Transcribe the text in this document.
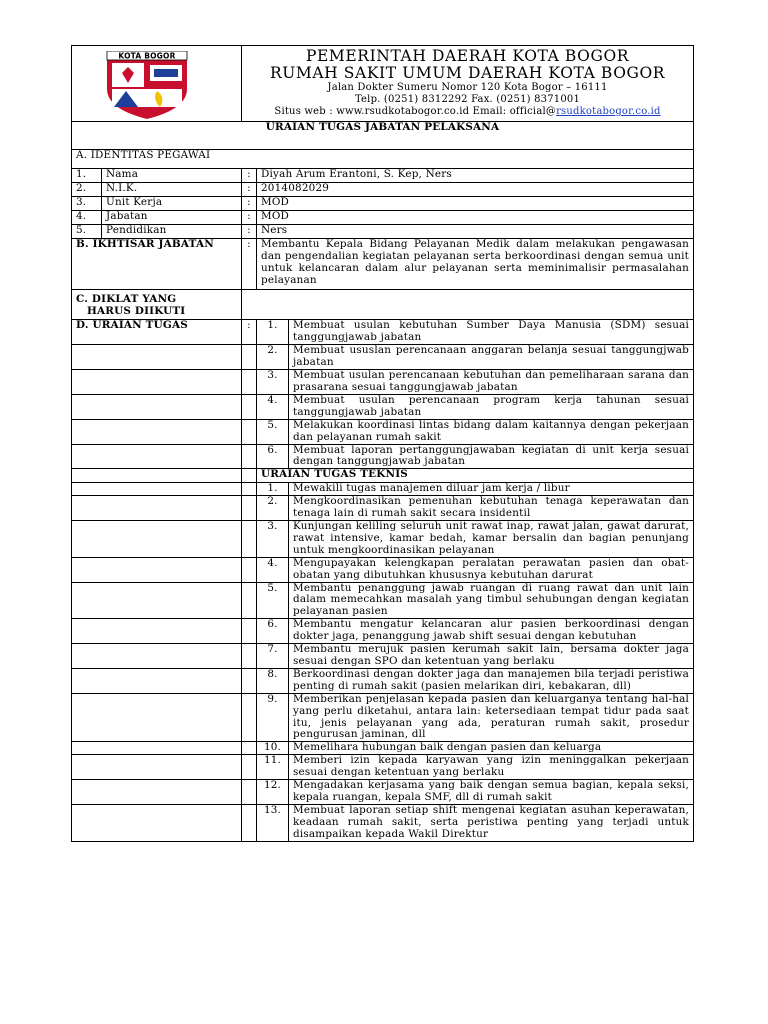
KOTA BOGOR		PEMERINTAH DAERAH KOTA BOGOR
RUMAH SAKIT UMUM DAERAH KOTA BOGOR
Jalan Dokter Sumeru Nomor 120 Kota Bogor – 16111
Telp. (0251) 8312292 Fax. (0251) 8371001
Situs web : www.rsudkotabogor.co.id Email: official@rsudkotabogor.co.id		

URAIAN TUGAS JABATAN PELAKSANA				
A. IDENTITAS PEGAWAI				
1.	Nama	:	Diyah Arum Erantoni, S. Kep, Ners	
2.	N.I.K.	:	2014082029	
3.	Unit Kerja	:	MOD	
4.	Jabatan	:	MOD	
5.	Pendidikan	:	Ners	
B. IKHTISAR JABATAN		:	Membantu Kepala Bidang Pelayanan Medik dalam melakukan pengawasan dan pengendalian kegiatan pelayanan serta berkoordinasi dengan semua unit untuk kelancaran dalam alur pelayanan serta meminimalisir permasalahan pelayanan	

C. DIKLAT YANG
HARUS DIIKUTI				

D. URAIAN TUGAS		:	1.	Membuat usulan kebutuhan Sumber Daya Manusia (SDM) sesuai tanggungjawab jabatan
			2.	Membuat ususlan perencanaan anggaran belanja sesuai tanggungjwab jabatan
			3.	Membuat usulan perencanaan kebutuhan dan pemeliharaan sarana dan prasarana sesuai tanggungjawab jabatan
			4.	Membuat usulan perencanaan program kerja tahunan sesuai tanggungjawab jabatan
			5.	Melakukan koordinasi lintas bidang dalam kaitannya dengan pekerjaan dan pelayanan rumah sakit
			6.	Membuat laporan pertanggungjawaban kegiatan di unit kerja sesuai dengan tanggungjawab jabatan
			URAIAN TUGAS TEKNIS	
			1.	Mewakili tugas manajemen diluar jam kerja / libur
			2.	Mengkoordinasikan pemenuhan kebutuhan tenaga keperawatan dan tenaga lain di rumah sakit secara insidentil
			3.	Kunjungan keliling seluruh unit rawat inap, rawat jalan, gawat darurat, rawat intensive, kamar bedah, kamar bersalin dan bagian penunjang untuk mengkoordinasikan pelayanan
			4.	Mengupayakan kelengkapan peralatan perawatan pasien dan obat-obatan yang dibutuhkan khususnya kebutuhan darurat
			5.	Membantu penanggung jawab ruangan di ruang rawat dan unit lain dalam memecahkan masalah yang timbul sehubungan dengan kegiatan pelayanan pasien
			6.	Membantu mengatur kelancaran alur pasien berkoordinasi dengan dokter jaga, penanggung jawab shift sesuai dengan kebutuhan
			7.	Membantu merujuk pasien kerumah sakit lain, bersama dokter jaga sesuai dengan SPO dan ketentuan yang berlaku
			8.	Berkoordinasi dengan dokter jaga dan manajemen bila terjadi peristiwa penting di rumah sakit (pasien melarikan diri, kebakaran, dll)
			9.	Memberikan penjelasan kepada pasien dan keluarganya tentang hal-hal yang perlu diketahui, antara lain: ketersediaan tempat tidur pada saat itu, jenis pelayanan yang ada, peraturan rumah sakit, prosedur pengurusan jaminan, dll
			10.	Memelihara hubungan baik dengan pasien dan keluarga
			11.	Memberi izin kepada karyawan yang izin meninggalkan pekerjaan sesuai dengan ketentuan yang berlaku
			12.	Mengadakan kerjasama yang baik dengan semua bagian, kepala seksi, kepala ruangan, kepala SMF, dll di rumah sakit
			13.	Membuat laporan setiap shift mengenai kegiatan asuhan keperawatan, keadaan rumah sakit, serta peristiwa penting yang terjadi untuk disampaikan kepada Wakil Direktur
